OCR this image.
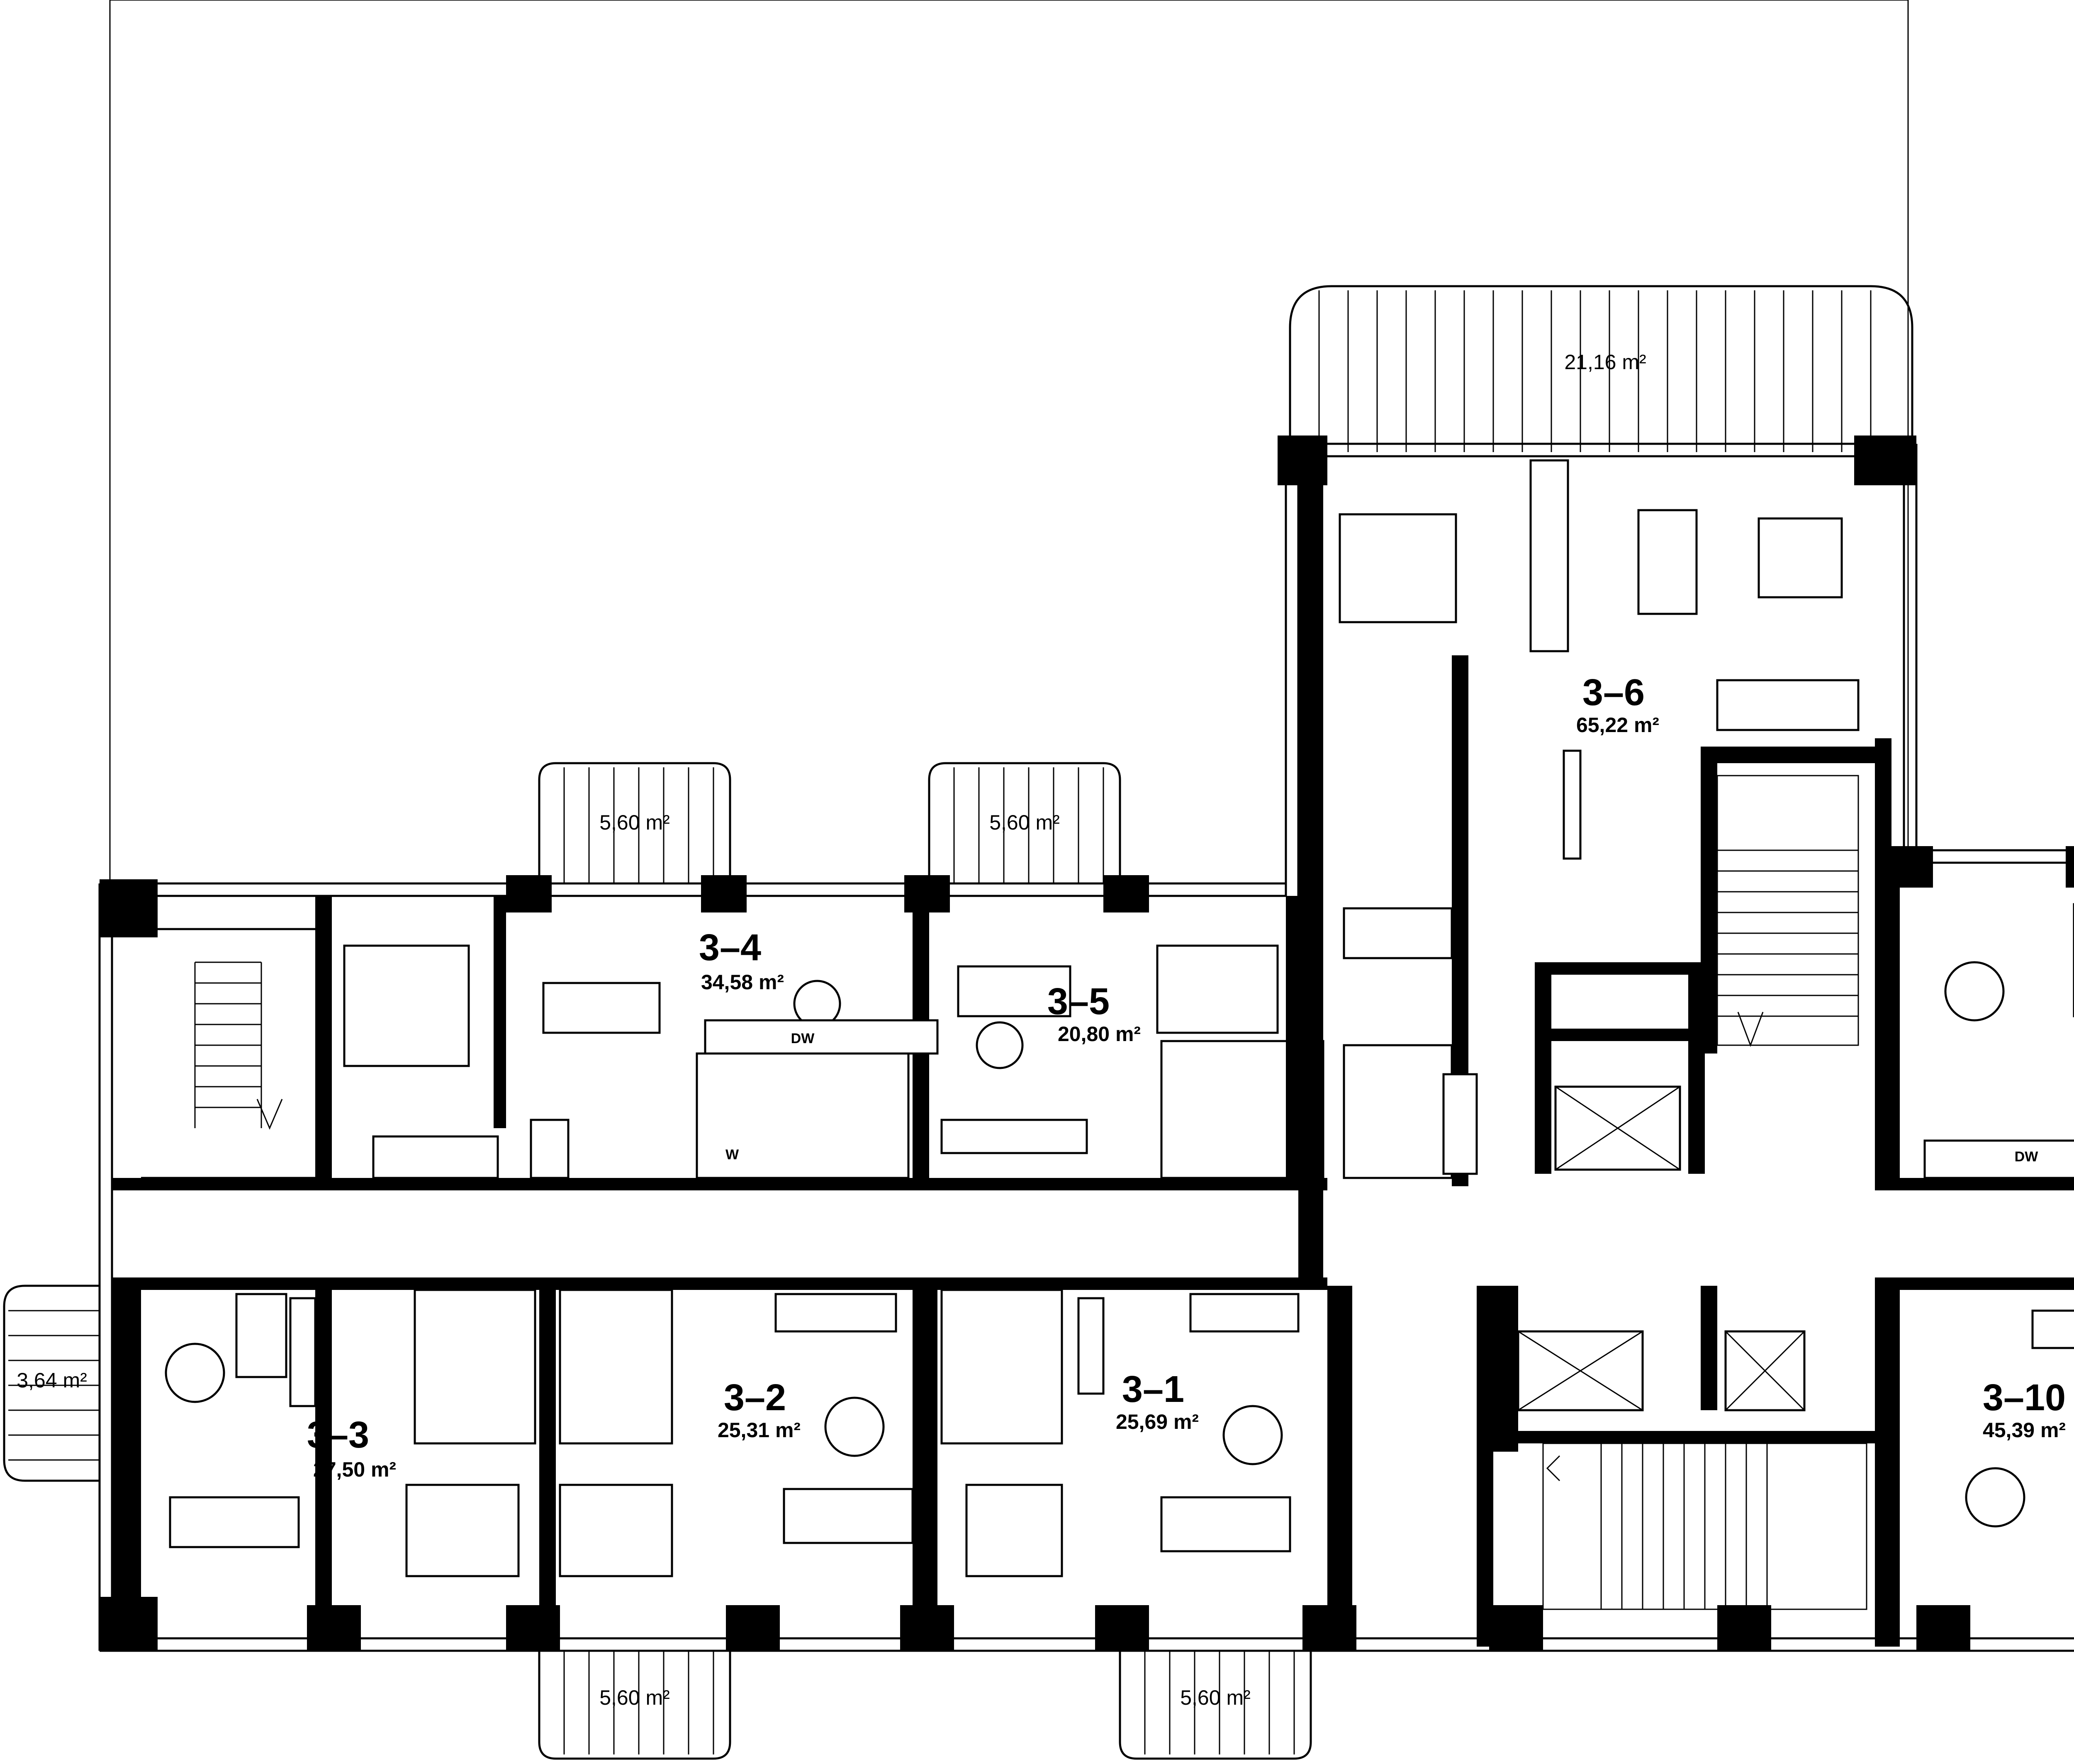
DW
W	DW
3–1
25,69 m²
3–2
25,31 m²
3–3
27,50 m²
3–4
34,58 m²	3–5
20,80 m²
3–6
65,22 m²
3–10
45,39 m²
21,16 m²
5,60 m²	5,60 m²
3,64 m²
5,60 m²	5,60 m²
